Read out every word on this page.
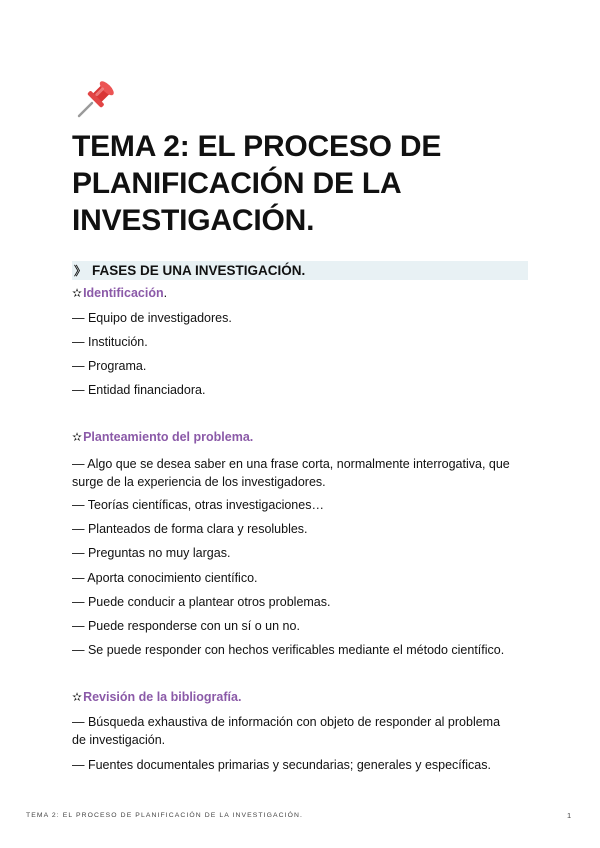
TEMA 2: EL PROCESO DE PLANIFICACIÓN DE LA INVESTIGACIÓN.
》 FASES DE UNA INVESTIGACIÓN.
✫ Identificación .
— Equipo de investigadores.
— Institución.
— Programa.
— Entidad financiadora.
✫ Planteamiento del problema.
— Algo que se desea saber en una frase corta, normalmente interrogativa, que surge de la experiencia de los investigadores.
— Teorías científicas, otras investigaciones…
— Planteados de forma clara y resolubles.
— Preguntas no muy largas.
— Aporta conocimiento científico.
— Puede conducir a plantear otros problemas.
— Puede responderse con un sí o un no.
— Se puede responder con hechos verificables mediante el método científico.
✫ Revisión de la bibliografía.
— Búsqueda exhaustiva de información con objeto de responder al problema de investigación.
— Fuentes documentales primarias y secundarias; generales y específicas.
TEMA 2: EL PROCESO DE PLANIFICACIÓN DE LA INVESTIGACIÓN.	1
